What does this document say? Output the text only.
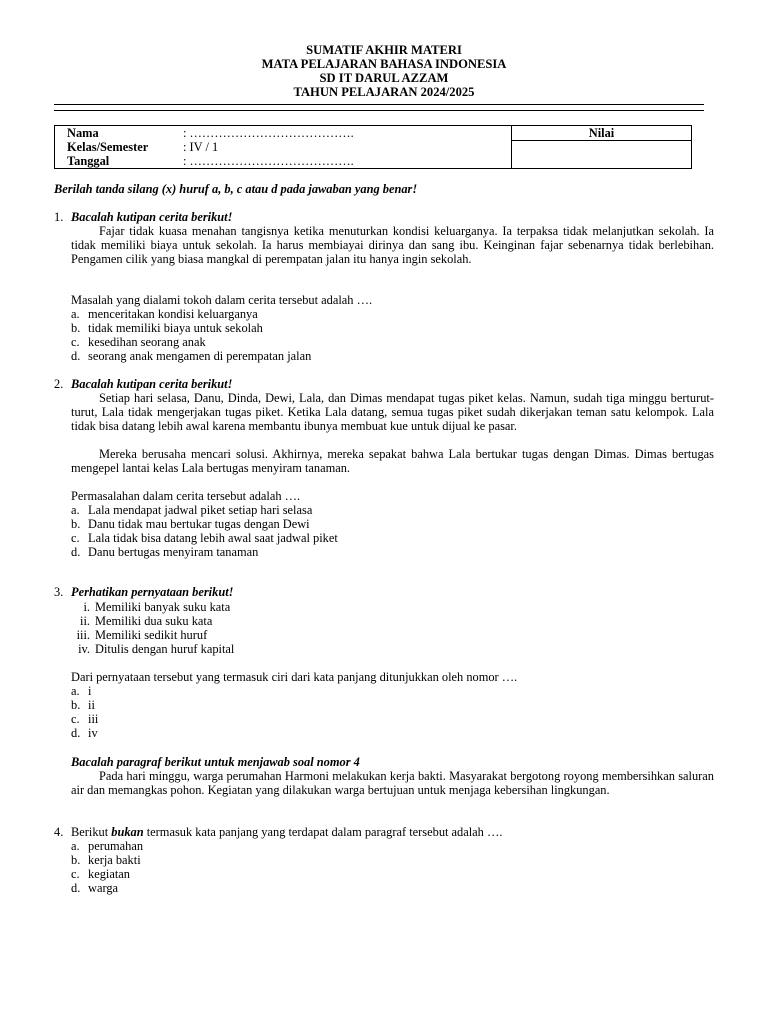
SUMATIF AKHIR MATERI
MATA PELAJARAN BAHASA INDONESIA
SD IT DARUL AZZAM
TAHUN PELAJARAN 2024/2025
Nama	: ………………………………….
Kelas/Semester	: IV / 1
Tanggal	: ………………………………….
	Nilai

Berilah tanda silang (x) huruf a, b, c atau d pada jawaban yang benar!
1. Bacalah kutipan cerita berikut!
Fajar tidak kuasa menahan tangisnya ketika menuturkan kondisi keluarganya. Ia terpaksa tidak melanjutkan sekolah. Ia tidak memiliki biaya untuk sekolah. Ia harus membiayai dirinya dan sang ibu. Keinginan fajar sebenarnya tidak berlebihan. Pengamen cilik yang biasa mangkal di perempatan jalan itu hanya ingin sekolah.
Masalah yang dialami tokoh dalam cerita tersebut adalah ….
a. menceritakan kondisi keluarganya
b. tidak memiliki biaya untuk sekolah
c. kesedihan seorang anak
d. seorang anak mengamen di perempatan jalan
2. Bacalah kutipan cerita berikut!
Setiap hari selasa, Danu, Dinda, Dewi, Lala, dan Dimas mendapat tugas piket kelas. Namun, sudah tiga minggu berturut-turut, Lala tidak mengerjakan tugas piket. Ketika Lala datang, semua tugas piket sudah dikerjakan teman satu kelompok. Lala tidak bisa datang lebih awal karena membantu ibunya membuat kue untuk dijual ke pasar.
Mereka berusaha mencari solusi. Akhirnya, mereka sepakat bahwa Lala bertukar tugas dengan Dimas. Dimas bertugas mengepel lantai kelas Lala bertugas menyiram tanaman.
Permasalahan dalam cerita tersebut adalah ….
a. Lala mendapat jadwal piket setiap hari selasa
b. Danu tidak mau bertukar tugas dengan Dewi
c. Lala tidak bisa datang lebih awal saat jadwal piket
d. Danu bertugas menyiram tanaman
3. Perhatikan pernyataan berikut!
i. Memiliki banyak suku kata
ii. Memiliki dua suku kata
iii. Memiliki sedikit huruf
iv. Ditulis dengan huruf kapital
Dari pernyataan tersebut yang termasuk ciri dari kata panjang ditunjukkan oleh nomor ….
a. i
b. ii
c. iii
d. iv
Bacalah paragraf berikut untuk menjawab soal nomor 4
Pada hari minggu, warga perumahan Harmoni melakukan kerja bakti. Masyarakat bergotong royong membersihkan saluran air dan memangkas pohon. Kegiatan yang dilakukan warga bertujuan untuk menjaga kebersihan lingkungan.
4. Berikut bukan termasuk kata panjang yang terdapat dalam paragraf tersebut adalah ….
a. perumahan
b. kerja bakti
c. kegiatan
d. warga
